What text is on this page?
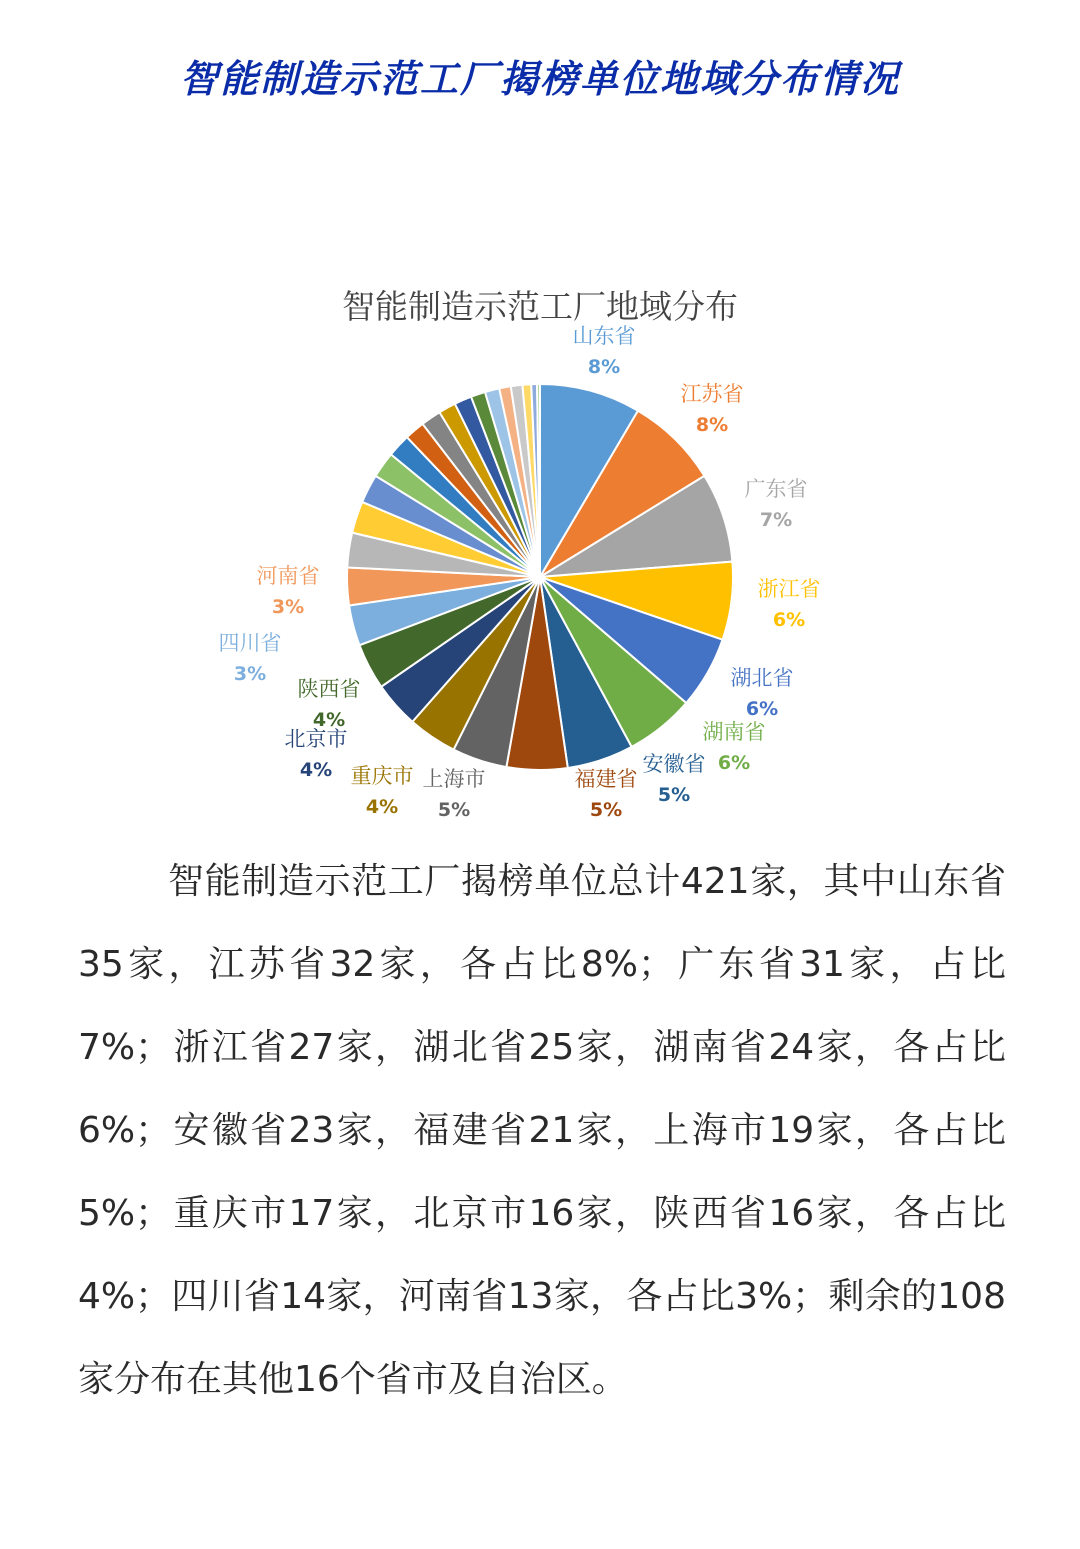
智能制造示范工厂揭榜单位地域分布情况
智能制造示范工厂地域分布
山东省
8%
江苏省
8%
广东省
7%
浙江省
6%
湖北省
6%
湖南省
6%
安徽省
5%
福建省
5%
上海市
5%
重庆市
4%
北京市
4%
陕西省
4%
四川省
3%
河南省
3%

智能制造示范工厂揭榜单位总计421家，其中山东省35家，江苏省32家，各占比8%；广东省31家，占比7%；浙江省27家，湖北省25家，湖南省24家，各占比6%；安徽省23家，福建省21家，上海市19家，各占比5%；重庆市17家，北京市16家，陕西省16家，各占比4%；四川省14家，河南省13家，各占比3%；剩余的108家分布在其他16个省市及自治区。
